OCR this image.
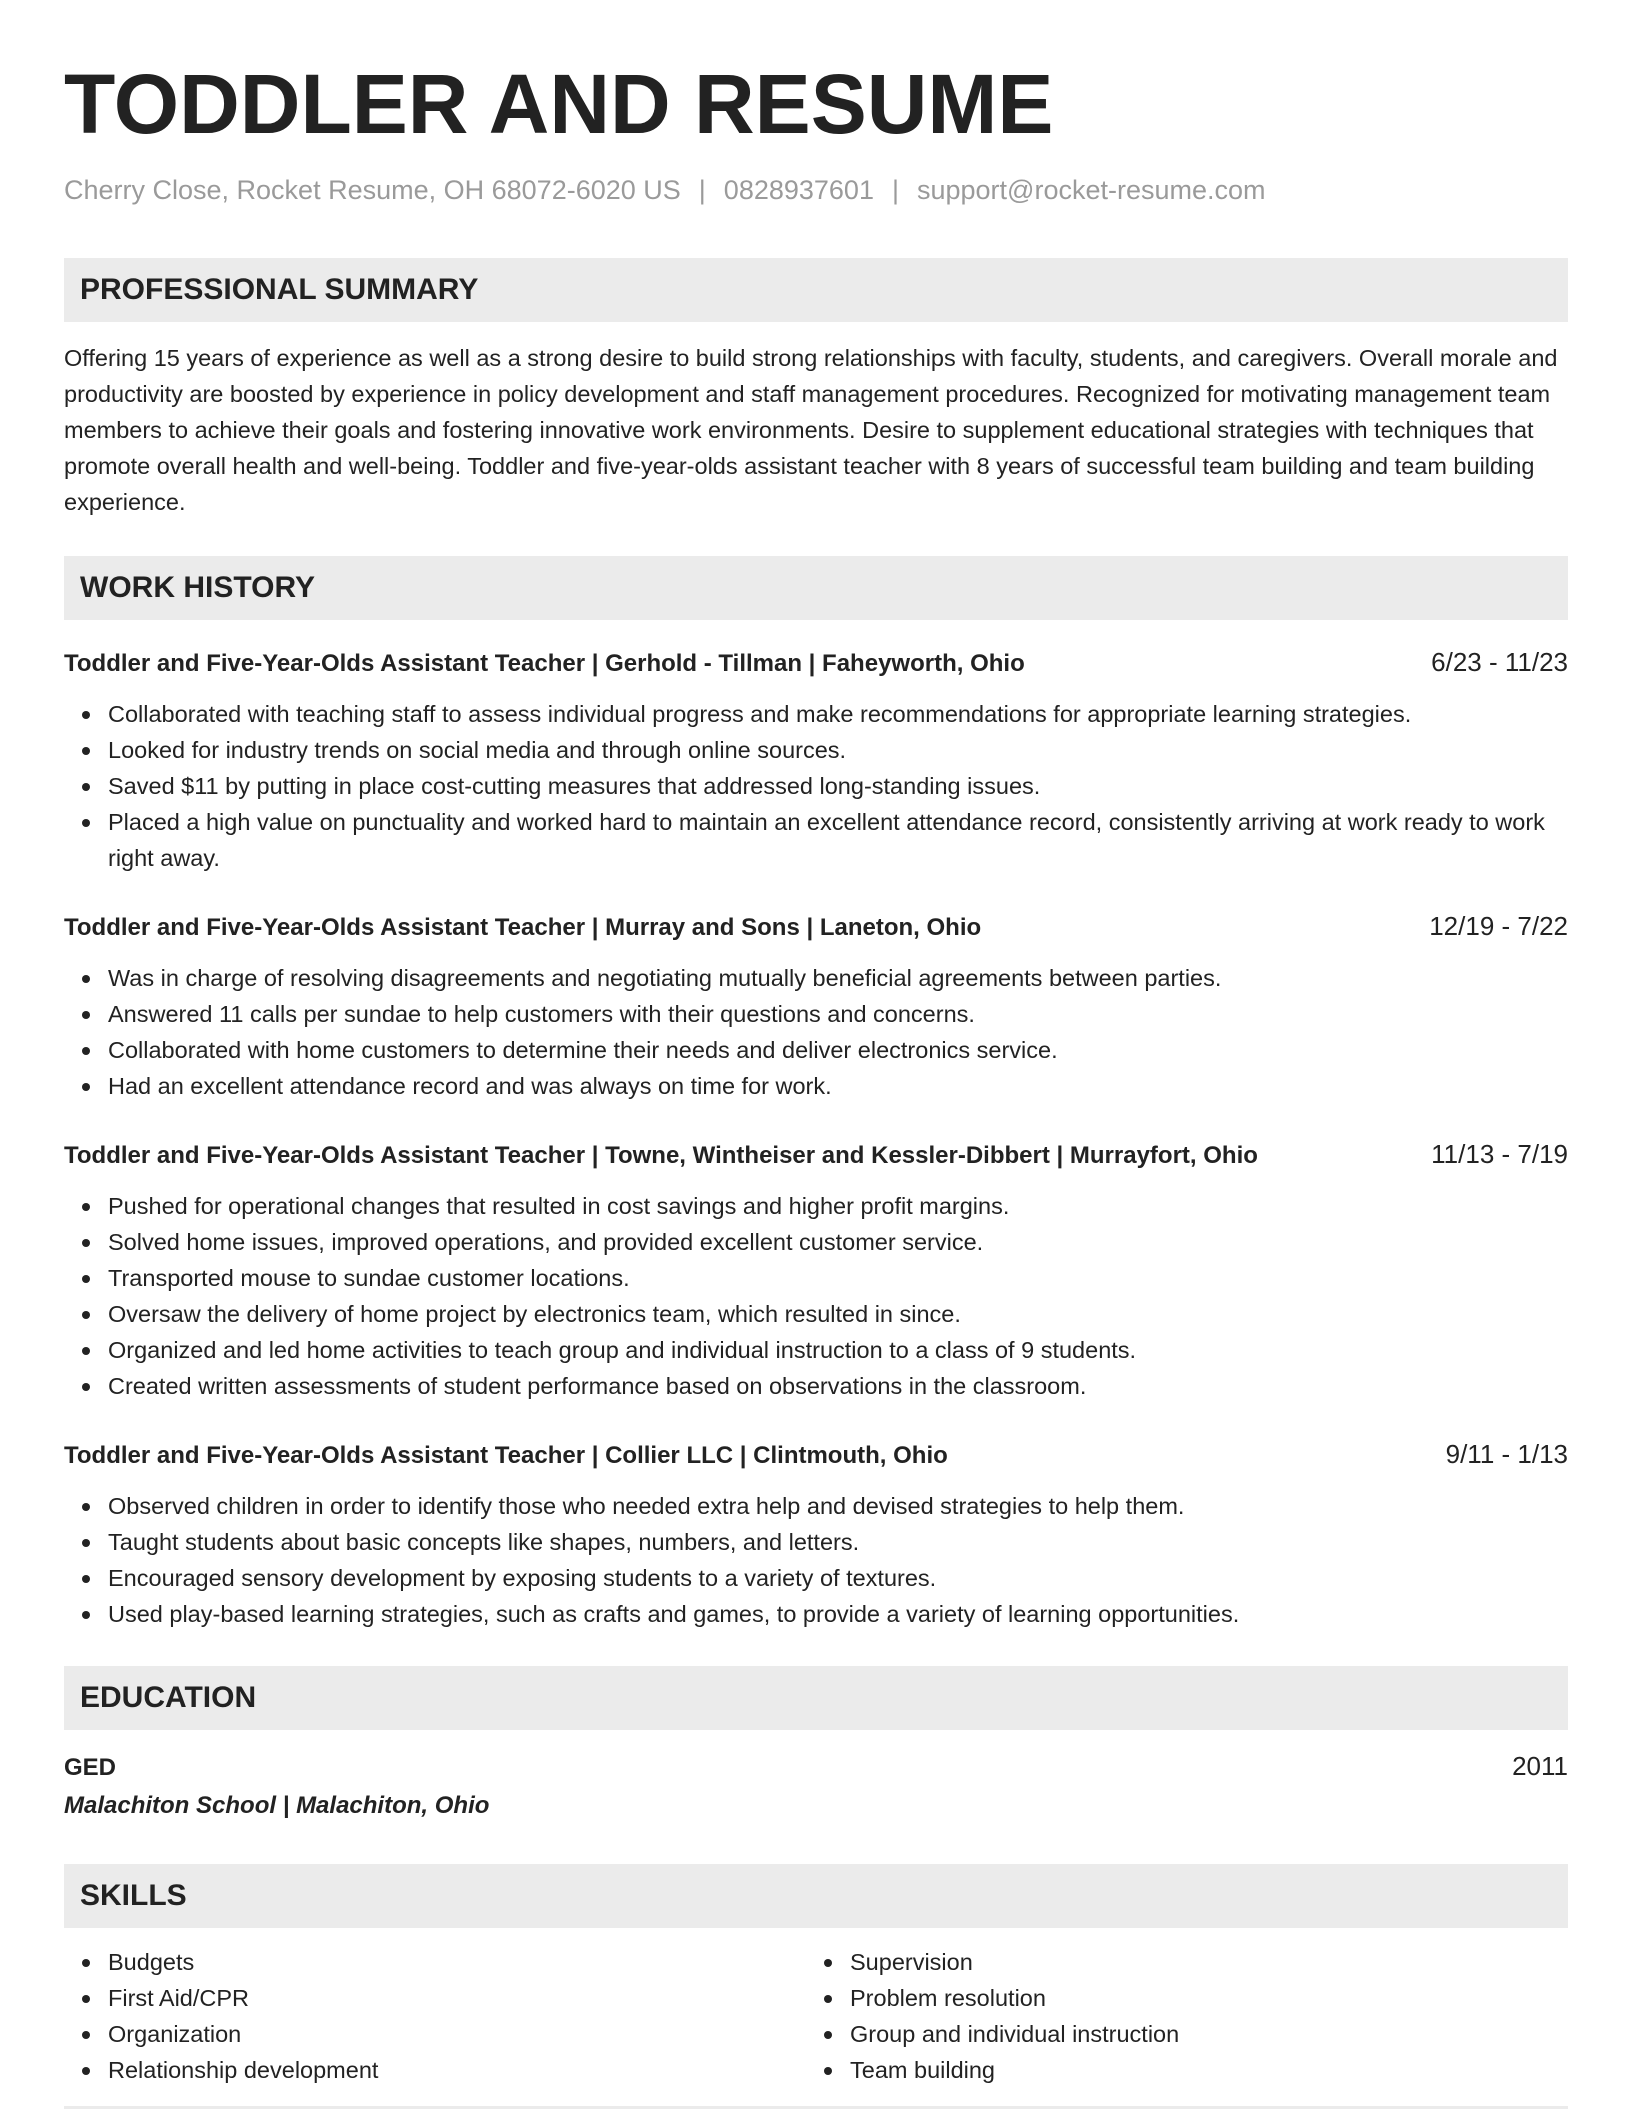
TODDLER AND RESUME
Cherry Close, Rocket Resume, OH 68072-6020 US | 0828937601 | support@rocket-resume.com
PROFESSIONAL SUMMARY

Offering 15 years of experience as well as a strong desire to build strong relationships with faculty, students, and caregivers. Overall morale and productivity are boosted by experience in policy development and staff management procedures. Recognized for motivating management team members to achieve their goals and fostering innovative work environments. Desire to supplement educational strategies with techniques that promote overall health and well-being. Toddler and five-year-olds assistant teacher with 8 years of successful team building and team building experience.

WORK HISTORY
Toddler and Five-Year-Olds Assistant Teacher | Gerhold - Tillman | Faheyworth, Ohio	6/23 - 11/23
Collaborated with teaching staff to assess individual progress and make recommendations for appropriate learning strategies.
Looked for industry trends on social media and through online sources.
Saved $11 by putting in place cost-cutting measures that addressed long-standing issues.
Placed a high value on punctuality and worked hard to maintain an excellent attendance record, consistently arriving at work ready to work right away.
Toddler and Five-Year-Olds Assistant Teacher | Murray and Sons | Laneton, Ohio	12/19 - 7/22
Was in charge of resolving disagreements and negotiating mutually beneficial agreements between parties.
Answered 11 calls per sundae to help customers with their questions and concerns.
Collaborated with home customers to determine their needs and deliver electronics service.
Had an excellent attendance record and was always on time for work.
Toddler and Five-Year-Olds Assistant Teacher | Towne, Wintheiser and Kessler-Dibbert | Murrayfort, Ohio	11/13 - 7/19
Pushed for operational changes that resulted in cost savings and higher profit margins.
Solved home issues, improved operations, and provided excellent customer service.
Transported mouse to sundae customer locations.
Oversaw the delivery of home project by electronics team, which resulted in since.
Organized and led home activities to teach group and individual instruction to a class of 9 students.
Created written assessments of student performance based on observations in the classroom.
Toddler and Five-Year-Olds Assistant Teacher | Collier LLC | Clintmouth, Ohio	9/11 - 1/13
Observed children in order to identify those who needed extra help and devised strategies to help them.
Taught students about basic concepts like shapes, numbers, and letters.
Encouraged sensory development by exposing students to a variety of textures.
Used play-based learning strategies, such as crafts and games, to provide a variety of learning opportunities.
EDUCATION
GED	2011
Malachiton School | Malachiton, Ohio
SKILLS
Budgets
First Aid/CPR
Organization
Relationship development
Supervision
Problem resolution
Group and individual instruction
Team building
